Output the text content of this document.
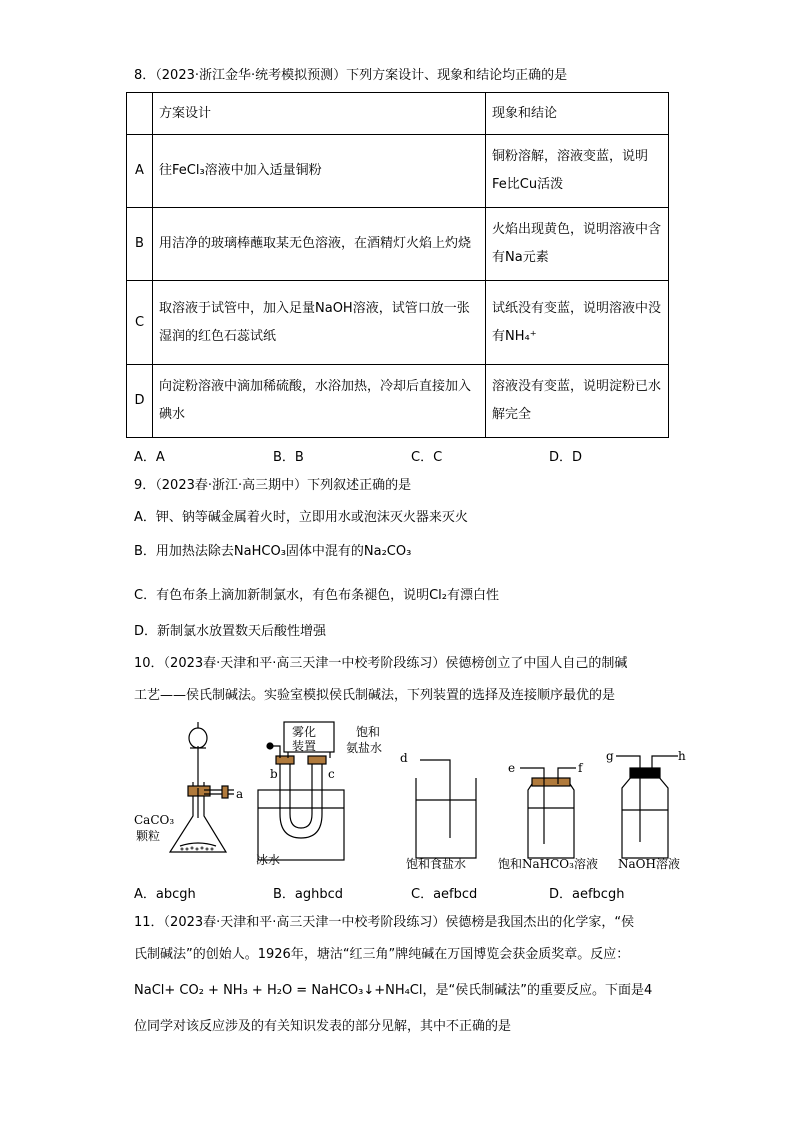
8．（2023·浙江金华·统考模拟预测）下列方案设计、现象和结论均正确的是
	方案设计	现象和结论
A	往FeCl₃溶液中加入适量铜粉	铜粉溶解，溶液变蓝，说明Fe比Cu活泼
B	用洁净的玻璃棒蘸取某无色溶液，在酒精灯火焰上灼烧	火焰出现黄色，说明溶液中含有Na元素
C	取溶液于试管中，加入足量NaOH溶液，试管口放一张湿润的红色石蕊试纸	试纸没有变蓝，说明溶液中没有NH₄⁺
D	向淀粉溶液中滴加稀硫酸，水浴加热，冷却后直接加入碘水	溶液没有变蓝，说明淀粉已水解完全
A．A	B．B	C．C	D．D
9．（2023春·浙江·高三期中）下列叙述正确的是
A．钾、钠等碱金属着火时，立即用水或泡沫灭火器来灭火
B．用加热法除去NaHCO₃固体中混有的Na₂CO₃
C．有色布条上滴加新制氯水，有色布条褪色，说明Cl₂有漂白性
D．新制氯水放置数天后酸性增强
10．（2023春·天津和平·高三天津一中校考阶段练习）侯德榜创立了中国人自己的制碱
工艺——侯氏制碱法。实验室模拟侯氏制碱法，下列装置的选择及连接顺序最优的是
a
b	c
d
e	f
g	h
CaCO₃
颗粒
雾化
装置
饱和
氨盐水
冰水	饱和食盐水	饱和NaHCO₃溶液 NaOH溶液
A．abcgh	B．aghbcd	C．aefbcd	D．aefbcgh
11．（2023春·天津和平·高三天津一中校考阶段练习）侯德榜是我国杰出的化学家，“侯
氏制碱法”的创始人。1926年，塘沽“红三角”牌纯碱在万国博览会获金质奖章。反应：
NaCl+ CO₂ + NH₃ + H₂O = NaHCO₃↓+NH₄Cl，是“侯氏制碱法”的重要反应。下面是4
位同学对该反应涉及的有关知识发表的部分见解，其中不正确的是
